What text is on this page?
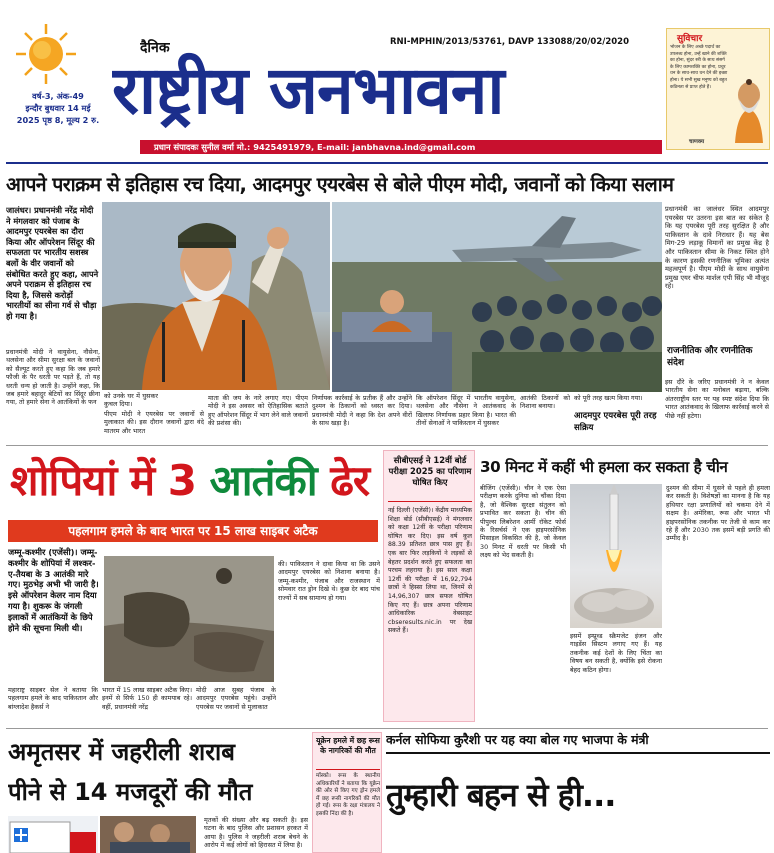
वर्ष-3, अंक-49
इन्दौर बुधवार 14 मई
2025 पृष्ठ 8, मूल्य 2 रु.
दैनिक	RNI-MPHIN/2013/53761, DAVP 133088/20/02/2020
राष्ट्रीय जनभावना
सुविचार
भोजन के लिए अच्छे पदार्थ का उपलब्ध होना, उन्हें खाने की शक्ति का होना, सुंदर स्त्री के साथ संसर्ग के लिए कामशक्ति का होना, प्रचुर धन के साथ-साथ धन देने की इच्छा होना। ये सभी सुख मनुष्य को बहुत कठिनता से प्राप्त होते हैं।
चाणक्य
प्रधान संपादकः सुनील वर्मा मो.: 9425491979, E-mail: janbhavna.ind@gmail.com
आपने पराक्रम से इतिहास रच दिया, आदमपुर एयरबेस से बोले पीएम मोदी, जवानों को किया सलाम
जालंधर। प्रधानमंत्री नरेंद्र मोदी ने मंगलवार को पंजाब के आदमपुर एयरबेस का दौरा किया और ऑपरेशन सिंदूर की सफलता पर भारतीय सशस्त्र बलों के वीर जवानों को संबोधित करते हुए कहा, आपने अपने पराक्रम से इतिहास रच दिया है, जिससे करोड़ों भारतीयों का सीना गर्व से चौड़ा हो गया है।
प्रधानमंत्री का जालंधर स्थित आदमपुर एयरबेस पर उतरना इस बात का संकेत है कि यह एयरबेस पूरी तरह सुरक्षित है और पाकिस्तान के दावे निराधार हैं। यह बेस मिग-29 लड़ाकू विमानों का प्रमुख केंद्र है और पाकिस्तान सीमा के निकट स्थित होने के कारण इसकी रणनीतिक भूमिका अत्यंत महत्वपूर्ण है। पीएम मोदी के साथ वायुसेना प्रमुख एयर चीफ मार्शल एपी सिंह भी मौजूद रहे।
राजनीतिक और रणनीतिक संदेश
इस दौरे के जरिए प्रधानमंत्री ने न केवल भारतीय सेना का मनोबल बढ़ाया, बल्कि अंतरराष्ट्रीय स्तर पर यह स्पष्ट संदेश दिया कि भारत आतंकवाद के खिलाफ कार्रवाई करने से पीछे नहीं हटेगा।
प्रधानमंत्री मोदी ने वायुसेना, नौसेना, थलसेना और सीमा सुरक्षा बल के जवानों को सैल्यूट करते हुए कहा कि जब हमारे फौजी के पैर धरती पर पड़ते हैं, तो यह धरती धन्य हो जाती है। उन्होंने कहा, कि जब हमारे बहादुर बेटियों का सिंदूर छीना गया, तो हमारे सेना ने आतंकियों के फन
को उनके घर में घुसकर कुचल दिया।
पीएम मोदी ने एयरबेस पर जवानों से मुलाकात की। इस दौरान जवानों द्वारा वंदे मातरम और भारत
माता की जय के नारे लगाए गए। पीएम मोदी ने इस अवसर को ऐतिहासिक बताते हुए ऑपरेशन सिंदूर में भाग लेने वाले जवानों की प्रशंसा की।
निर्णायक कार्रवाई के प्रतीक हैं और उन्होंने दुश्मन के ठिकानों को ध्वस्त कर दिया। प्रधानमंत्री मोदी ने कहा कि देश अपने वीरों के साथ खड़ा है।
कि ऑपरेशन सिंदूर में भारतीय वायुसेना, थलसेना और नौसेना ने आतंकवाद के खिलाफ निर्णायक प्रहार किया है। भारत की तीनों सेनाओं ने पाकिस्तान में घुसकर
आतंकी ठिकानों को निशाना बनाया।
को पूरी तरह खत्म किया गया।
आदमपुर एयरबेस पूरी तरह सक्रिय
शोपियां में 3 आतंकी ढेर
पहलगाम हमले के बाद भारत पर 15 लाख साइबर अटैक
जम्मू-कश्मीर (एजेंसी)। जम्मू-कश्मीर के शोपियां में लश्कर-ए-तैयबा के 3 आतंकी मारे गए। मुठभेड़ अभी भी जारी है। इसे ऑपरेशन केलर नाम दिया गया है। शुकरू के जंगली इलाकों में आतंकियों के छिपे होने की सूचना मिली थी।
की। पाकिस्तान ने दावा किया था कि उसने आदमपुर एयरबेस को निशाना बनाया है। जम्मू-कश्मीर, पंजाब और राजस्थान में सोमवार रात ड्रोन दिखे थे। कुछ देर बाद पांच राज्यों में सब सामान्य हो गया।
महाराष्ट्र साइबर सेल ने बताया कि पहलगाम हमले के बाद पाकिस्तान और बांग्लादेश हैकर्स ने
भारत में 15 लाख साइबर अटैक किए। इनमें से सिर्फ 150 ही कामयाब रहे। वहीं, प्रधानमंत्री नरेंद्र
मोदी आज सुबह पंजाब के आदमपुर एयरबेस पहुंचे। उन्होंने एयरबेस पर जवानों से मुलाकात
सीबीएसई ने 12वीं बोर्ड परीक्षा 2025 का परिणाम घोषित किए
नई दिल्ली (एजेंसी)। केंद्रीय माध्यमिक शिक्षा बोर्ड (सीबीएसई) ने मंगलवार को कक्षा 12वीं के परीक्षा परिणाम घोषित कर दिए। इस वर्ष कुल 88.39 प्रतिशत छात्र पास हुए हैं। एक बार फिर लड़कियों ने लड़कों से बेहतर प्रदर्शन करते हुए सफलता का परचम लहराया है। इस साल कक्षा 12वीं की परीक्षा में 16,92,794 छात्रों ने हिस्सा लिया था, जिनमें से 14,96,307 छात्र सफल घोषित किए गए हैं। छात्र अपना परिणाम आधिकारिक वेबसाइट cbseresults.nic.in पर देख सकते हैं।
30 मिनट में कहीं भी हमला कर सकता है चीन
बीजिंग (एजेंसी)। चीन ने एक ऐसा परीक्षण करके दुनिया को चौंका दिया है, जो वैश्विक सुरक्षा संतुलन को प्रभावित कर सकता है। चीन की पीपुल्स लिबरेशन आर्मी रॉकेट फोर्स के रिसर्चर्स ने एक हाइपरसोनिक मिसाइल विकसित की है, जो केवल 30 मिनट में धरती पर किसी भी लक्ष्य को भेद सकती है।
दुश्मन की सीमा में घुसने से पहले ही हमला कर सकती है। विशेषज्ञों का मानना है कि यह हथियार रक्षा प्रणालियों को चकमा देने में सक्षम है। अमेरिका, रूस और भारत भी हाइपरसोनिक तकनीक पर तेजी से काम कर रहे हैं और 2030 तक इसमें बड़ी प्रगति की उम्मीद है।
इसमें इम्प्रूव्ड स्क्रैमजेट इंजन और गाइडेंस सिस्टम लगाए गए हैं। यह तकनीक कई देशों के लिए चिंता का विषय बन सकती है, क्योंकि इसे रोकना बेहद कठिन होगा।
अमृतसर में जहरीली शराब
पीने से 14 मजदूरों की मौत
मृतकों की संख्या और बढ़ सकती है। इस घटना के बाद पुलिस और प्रशासन हरकत में आया है। पुलिस ने जहरीली शराब बेचने के आरोप में कई लोगों को हिरासत में लिया है।
यूक्रेन हमले में छह रूस के नागरिकों की मौत
मॉस्को। रूस के स्थानीय अधिकारियों ने बताया कि यूक्रेन की ओर से किए गए ड्रोन हमले में छह रूसी नागरिकों की मौत हो गई। रूस के रक्षा मंत्रालय ने इसकी निंदा की है।
कर्नल सोफिया कुरैशी पर यह क्या बोल गए भाजपा के मंत्री
तुम्हारी बहन से ही...
